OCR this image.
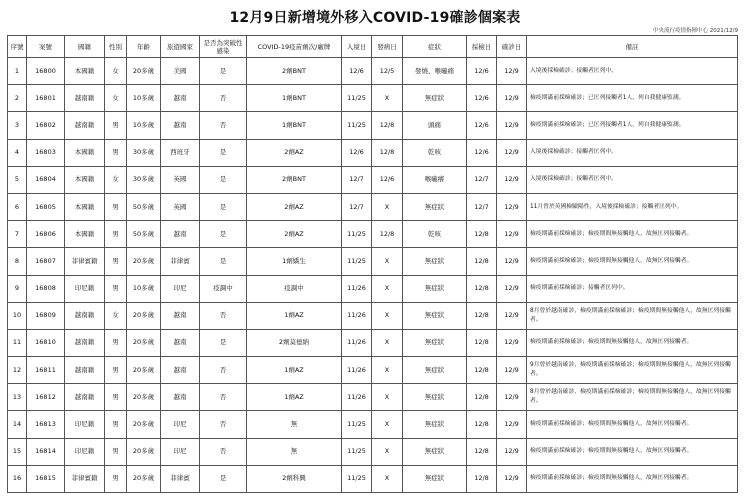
12月9日新增境外移入COVID-19確診個案表
中央流行疫情指揮中心 2021/12/9
序號	案號	國籍	性別	年齡	旅遊國家	是否為突破性感染	COVID-19疫苗劑次/廠牌	入境日	發病日	症狀	採檢日	確診日	備註
1	16800	本國籍	女	20多歲	美國	是	2劑BNT	12/6	12/5	發燒、喉嚨痛	12/6	12/9	入境後採檢確診；接觸者匡列中。
2	16801	越南籍	女	10多歲	越南	否	1劑BNT	11/25	X	無症狀	12/6	12/9	檢疫期滿前採檢確診；已匡列接觸者1人，列自我健康監測。
3	16802	越南籍	男	10多歲	越南	否	1劑BNT	11/25	12/8	頭痛	12/6	12/9	檢疫期滿前採檢確診；已匡列接觸者1人，列自我健康監測。
4	16803	本國籍	男	30多歲	西班牙	是	2劑AZ	12/6	12/8	乾咳	12/6	12/9	入境後採檢確診；接觸者匡列中。
5	16804	本國籍	女	30多歲	英國	是	2劑BNT	12/7	12/6	喉嚨癢	12/7	12/9	入境後採檢確診；接觸者匡列中。
6	16805	本國籍	男	50多歲	英國	是	2劑AZ	12/7	X	無症狀	12/7	12/9	11月曾於英國檢驗陽性，入境後採檢確診；接觸者匡列中。
7	16806	本國籍	男	50多歲	越南	是	2劑AZ	11/25	12/8	乾咳	12/8	12/9	檢疫期滿前採檢確診；檢疫期間無接觸他人，故無匡列接觸者。
8	16807	菲律賓籍	男	20多歲	菲律賓	是	1劑嬌生	11/25	X	無症狀	12/8	12/9	檢疫期滿前採檢確診；檢疫期間無接觸他人，故無匡列接觸者。
9	16808	印尼籍	男	10多歲	印尼	疫調中	疫調中	11/26	X	無症狀	12/8	12/9	檢疫期滿前採檢確診；接觸者匡列中。
10	16809	越南籍	女	20多歲	越南	否	1劑AZ	11/26	X	無症狀	12/8	12/9	8月曾於越南確診，檢疫期滿前採檢確診；檢疫期間無接觸他人，故無匡列接觸者。
11	16810	越南籍	男	20多歲	越南	是	2劑莫德納	11/26	X	無症狀	12/8	12/9	檢疫期滿前採檢確診；檢疫期間無接觸他人，故無匡列接觸者。
12	16811	越南籍	男	20多歲	越南	否	1劑AZ	11/26	X	無症狀	12/8	12/9	9月曾於越南確診，檢疫期滿前採檢確診；檢疫期間無接觸他人，故無匡列接觸者。
13	16812	越南籍	男	20多歲	越南	否	1劑AZ	11/26	X	無症狀	12/8	12/9	8月曾於越南確診，檢疫期滿前採檢確診；檢疫期間無接觸他人，故無匡列接觸者。
14	16813	印尼籍	男	20多歲	印尼	否	無	11/25	X	無症狀	12/8	12/9	檢疫期滿前採檢確診；檢疫期間無接觸他人，故無匡列接觸者。
15	16814	印尼籍	男	20多歲	印尼	否	無	11/25	X	無症狀	12/8	12/9	檢疫期滿前採檢確診；檢疫期間無接觸他人，故無匡列接觸者。
16	16815	菲律賓籍	男	20多歲	菲律賓	是	2劑科興	11/25	X	無症狀	12/8	12/9	檢疫期滿前採檢確診；檢疫期間無接觸他人，故無匡列接觸者。
